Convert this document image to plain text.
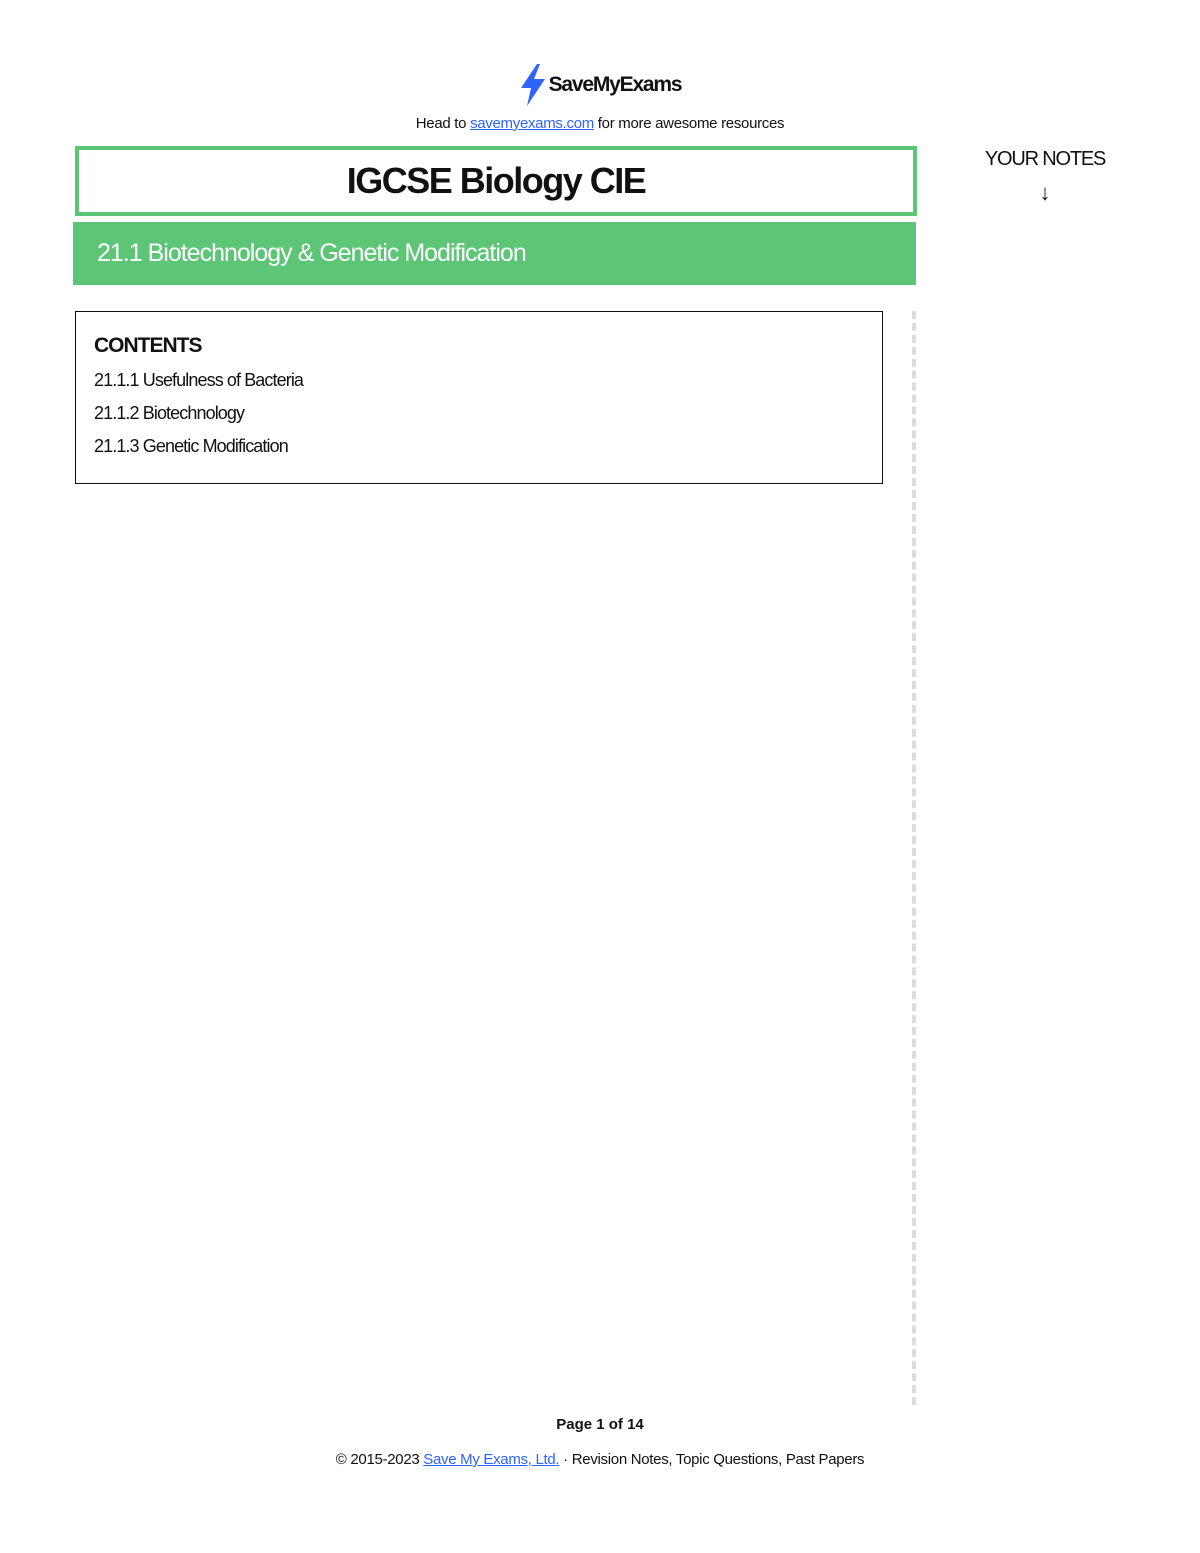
SaveMyExams
Head to savemyexams.com for more awesome resources
IGCSE Biology CIE
21.1 Biotechnology & Genetic Modification
CONTENTS
21.1.1 Usefulness of Bacteria
21.1.2 Biotechnology
21.1.3 Genetic Modification
YOUR NOTES
↓
Page 1 of 14
© 2015-2023 Save My Exams, Ltd. · Revision Notes, Topic Questions, Past Papers
